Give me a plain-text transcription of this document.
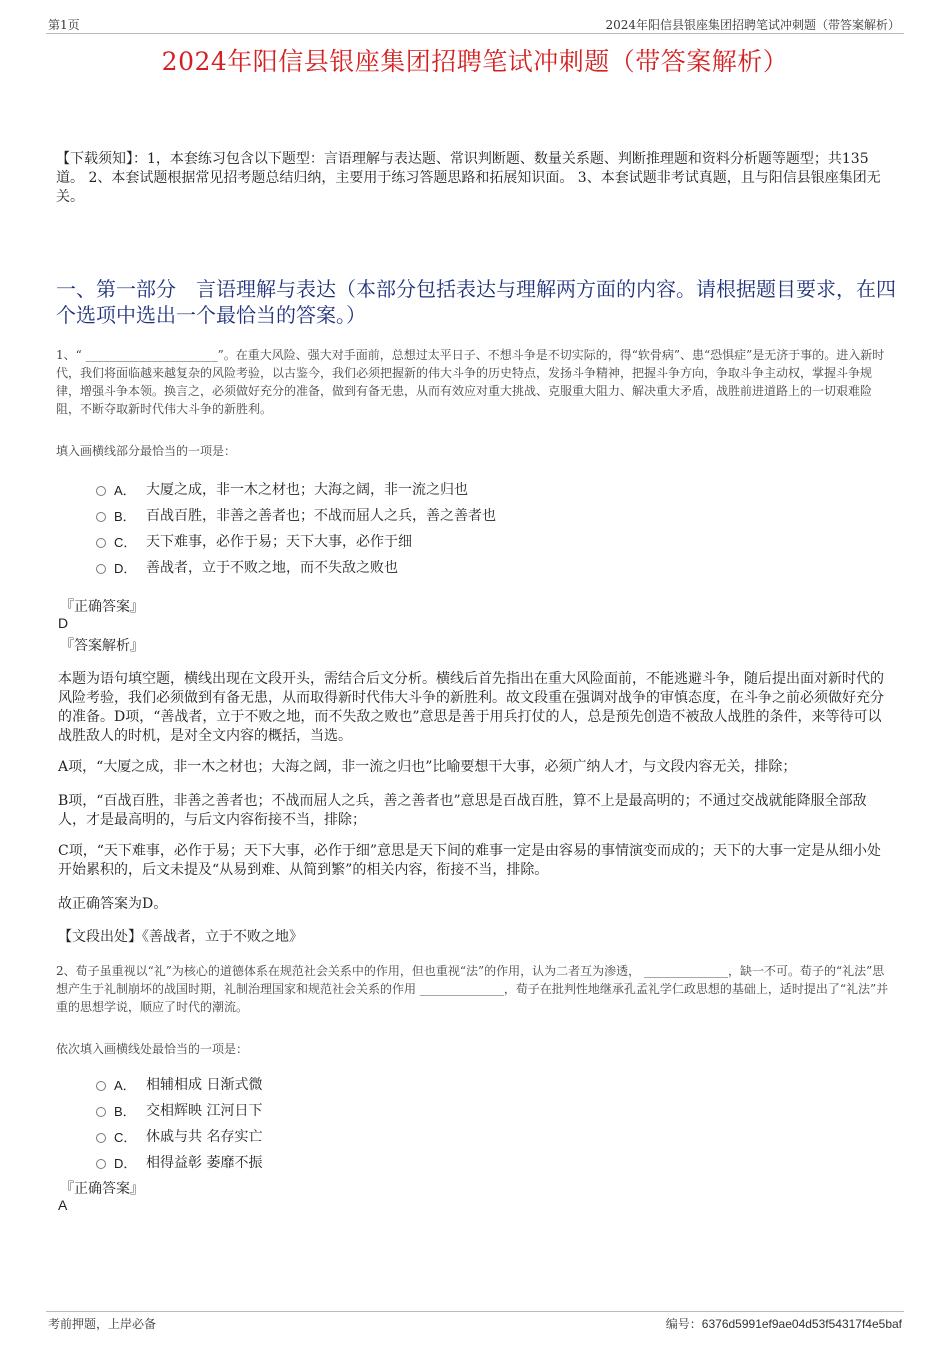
第1页	2024年阳信县银座集团招聘笔试冲刺题（带答案解析）
2024年阳信县银座集团招聘笔试冲刺题（带答案解析）
【下载须知】：1，本套练习包含以下题型：言语理解与表达题、常识判断题、数量关系题、判断推理题和资料分析题等题型；共135道。 2、本套试题根据常见招考题总结归纳，主要用于练习答题思路和拓展知识面。 3、本套试题非考试真题，且与阳信县银座集团无关。
一、第一部分　言语理解与表达（本部分包括表达与理解两方面的内容。请根据题目要求，在四个选项中选出一个最恰当的答案。）
1、“ ______________________”。在重大风险、强大对手面前，总想过太平日子、不想斗争是不切实际的，得“软骨病”、患“恐惧症”是无济于事的。进入新时代，我们将面临越来越复杂的风险考验，以古鉴今，我们必须把握新的伟大斗争的历史特点，发扬斗争精神，把握斗争方向，争取斗争主动权，掌握斗争规律，增强斗争本领。换言之，必须做好充分的准备，做到有备无患，从而有效应对重大挑战、克服重大阻力、解决重大矛盾，战胜前进道路上的一切艰难险阻，不断夺取新时代伟大斗争的新胜利。
填入画横线部分最恰当的一项是：
A． 大厦之成，非一木之材也；大海之阔，非一流之归也
B． 百战百胜，非善之善者也；不战而屈人之兵，善之善者也
C． 天下难事，必作于易；天下大事，必作于细
D． 善战者，立于不败之地，而不失敌之败也
『正确答案』
D
『答案解析』
本题为语句填空题，横线出现在文段开头，需结合后文分析。横线后首先指出在重大风险面前，不能逃避斗争，随后提出面对新时代的风险考验，我们必须做到有备无患，从而取得新时代伟大斗争的新胜利。故文段重在强调对战争的审慎态度，在斗争之前必须做好充分的准备。D项，“善战者，立于不败之地，而不失敌之败也”意思是善于用兵打仗的人，总是预先创造不被敌人战胜的条件，来等待可以战胜敌人的时机，是对全文内容的概括，当选。
A项，“大厦之成，非一木之材也；大海之阔，非一流之归也”比喻要想干大事，必须广纳人才，与文段内容无关，排除；
B项，“百战百胜，非善之善者也；不战而屈人之兵，善之善者也”意思是百战百胜，算不上是最高明的；不通过交战就能降服全部敌人，才是最高明的，与后文内容衔接不当，排除；
C项，“天下难事，必作于易；天下大事，必作于细”意思是天下间的难事一定是由容易的事情演变而成的；天下的大事一定是从细小处开始累积的，后文未提及“从易到难、从简到繁”的相关内容，衔接不当，排除。
故正确答案为D。
【文段出处】《善战者，立于不败之地》
2、荀子虽重视以“礼”为核心的道德体系在规范社会关系中的作用，但也重视“法”的作用，认为二者互为渗透， ______________，缺一不可。荀子的“礼法”思想产生于礼制崩坏的战国时期，礼制治理国家和规范社会关系的作用 ______________，荀子在批判性地继承孔孟礼学仁政思想的基础上，适时提出了“礼法”并重的思想学说，顺应了时代的潮流。
依次填入画横线处最恰当的一项是：
A． 相辅相成 日渐式微
B． 交相辉映 江河日下
C． 休戚与共 名存实亡
D． 相得益彰 萎靡不振
『正确答案』
A
考前押题，上岸必备	编号：6376d5991ef9ae04d53f54317f4e5baf
